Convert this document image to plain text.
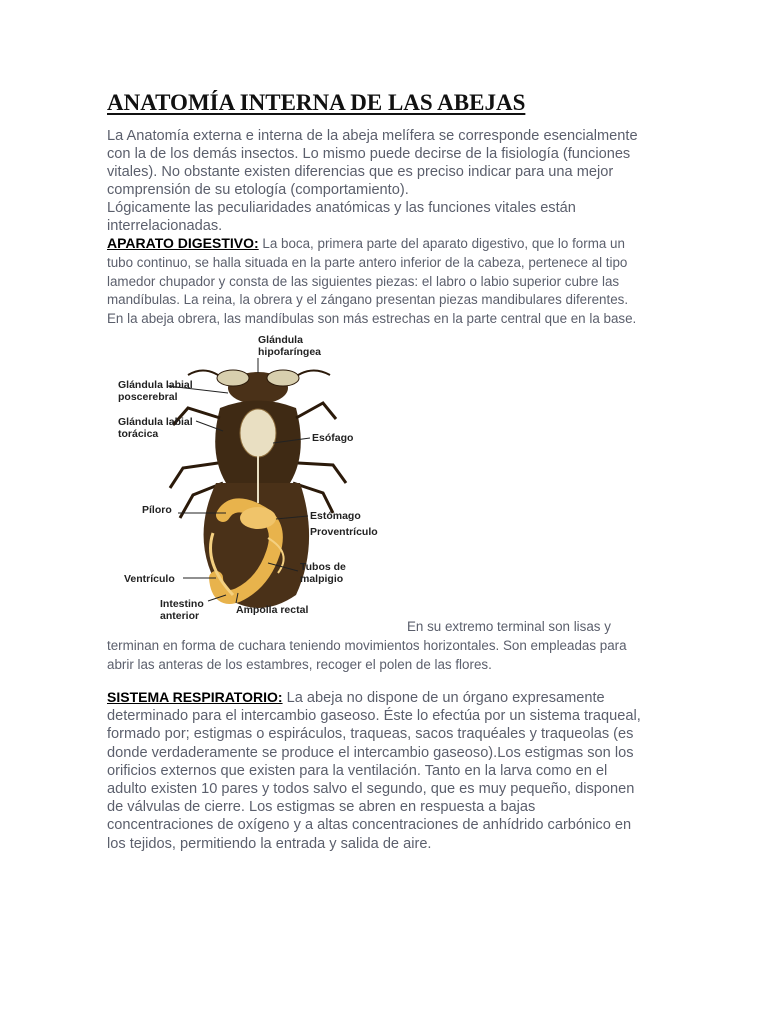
ANATOMÍA INTERNA DE LAS ABEJAS

La Anatomía externa e interna de la abeja melífera se corresponde esencialmente
con la de los demás insectos. Lo mismo puede decirse de la fisiología (funciones
vitales). No obstante existen diferencias que es preciso indicar para una mejor
comprensión de su etología (comportamiento).
Lógicamente las peculiaridades anatómicas y las funciones vitales están
interrelacionadas.

APARATO DIGESTIVO: La boca, primera parte del aparato digestivo, que lo forma un
tubo continuo, se halla situada en la parte antero inferior de la cabeza, pertenece al tipo
lamedor chupador y consta de las siguientes piezas: el labro o labio superior cubre las
mandíbulas. La reina, la obrera y el zángano presentan piezas mandibulares diferentes.
En la abeja obrera, las mandíbulas son más estrechas en la parte central que en la base.

Glándula
hipofaríngea
Glándula labial
poscerebral
Glándula labial
torácica	Esófago
Píloro	Estómago
Proventrículo
Tubos de
malpigio
Ventrículo
Intestino
anterior	Ampolla rectal

En su extremo terminal son lisas y

terminan en forma de cuchara teniendo movimientos horizontales. Son empleadas para
abrir las anteras de los estambres, recoger el polen de las flores.

SISTEMA RESPIRATORIO: La abeja no dispone de un órgano expresamente
determinado para el intercambio gaseoso. Éste lo efectúa por un sistema traqueal,
formado por; estigmas o espiráculos, traqueas, sacos traquéales y traqueolas (es
donde verdaderamente se produce el intercambio gaseoso).Los estigmas son los
orificios externos que existen para la ventilación. Tanto en la larva como en el
adulto existen 10 pares y todos salvo el segundo, que es muy pequeño, disponen
de válvulas de cierre. Los estigmas se abren en respuesta a bajas
concentraciones de oxígeno y a altas concentraciones de anhídrido carbónico en
los tejidos, permitiendo la entrada y salida de aire.
